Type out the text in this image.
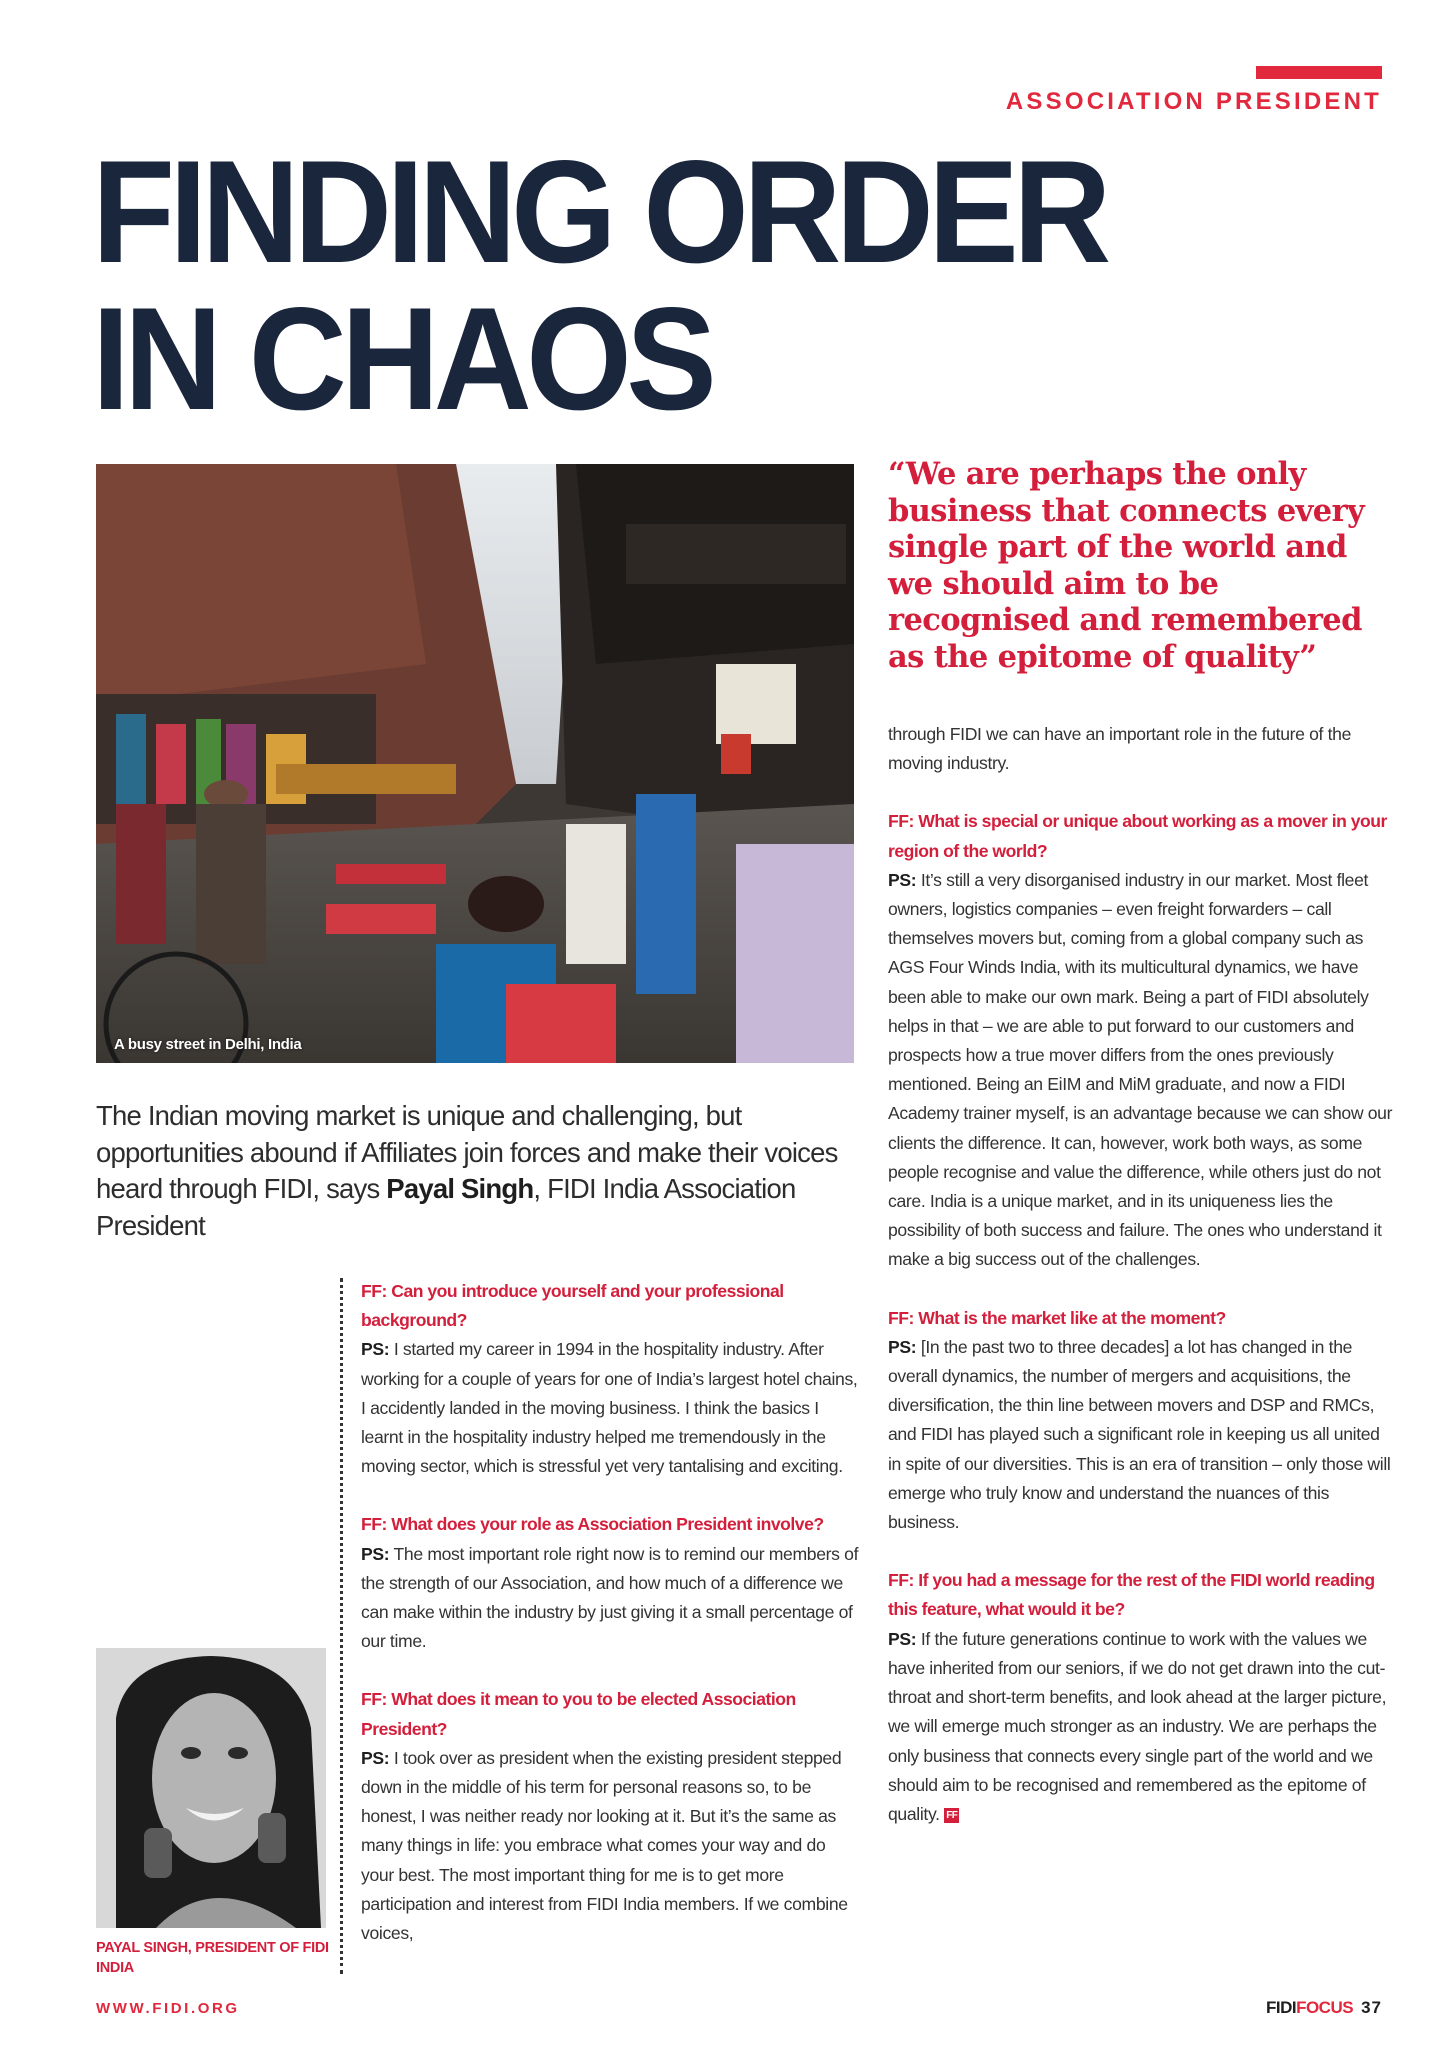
ASSOCIATION PRESIDENT
FINDING ORDER
IN CHAOS
A busy street in Delhi, India
“We are perhaps the only business that connects every single part of the world and we should aim to be recognised and remembered as the epitome of quality”
The Indian moving market is unique and challenging, but opportunities abound if Affiliates join forces and make their voices heard through FIDI, says Payal Singh, FIDI India Association President

FF: Can you introduce yourself and your professional background?

PS: I started my career in 1994 in the hospitality industry. After working for a couple of years for one of India’s largest hotel chains, I accidently landed in the moving business. I think the basics I learnt in the hospitality industry helped me tremendously in the moving sector, which is stressful yet very tantalising and exciting.

FF: What does your role as Association President involve?

PS: The most important role right now is to remind our members of the strength of our Association, and how much of a difference we can make within the industry by just giving it a small percentage of our time.

FF: What does it mean to you to be elected Association President?

PS: I took over as president when the existing president stepped down in the middle of his term for personal reasons so, to be honest, I was neither ready nor looking at it. But it’s the same as many things in life: you embrace what comes your way and do your best. The most important thing for me is to get more participation and interest from FIDI India members. If we combine voices,

through FIDI we can have an important role in the future of the moving industry.

FF: What is special or unique about working as a mover in your region of the world?

PS: It’s still a very disorganised industry in our market. Most fleet owners, logistics companies – even freight forwarders – call themselves movers but, coming from a global company such as AGS Four Winds India, with its multicultural dynamics, we have been able to make our own mark. Being a part of FIDI absolutely helps in that – we are able to put forward to our customers and prospects how a true mover differs from the ones previously mentioned. Being an EiIM and MiM graduate, and now a FIDI Academy trainer myself, is an advantage because we can show our clients the difference. It can, however, work both ways, as some people recognise and value the difference, while others just do not care. India is a unique market, and in its uniqueness lies the possibility of both success and failure. The ones who understand it make a big success out of the challenges.

FF: What is the market like at the moment?

PS: [In the past two to three decades] a lot has changed in the overall dynamics, the number of mergers and acquisitions, the diversification, the thin line between movers and DSP and RMCs, and FIDI has played such a significant role in keeping us all united in spite of our diversities. This is an era of transition – only those will emerge who truly know and understand the nuances of this business.

FF: If you had a message for the rest of the FIDI world reading this feature, what would it be?

PS: If the future generations continue to work with the values we have inherited from our seniors, if we do not get drawn into the cut-throat and short-term benefits, and look ahead at the larger picture, we will emerge much stronger as an industry. We are perhaps the only business that connects every single part of the world and we should aim to be recognised and remembered as the epitome of quality. FF

PAYAL SINGH, PRESIDENT OF FIDI INDIA
WWW.FIDI.ORG	FIDIFOCUS 37
